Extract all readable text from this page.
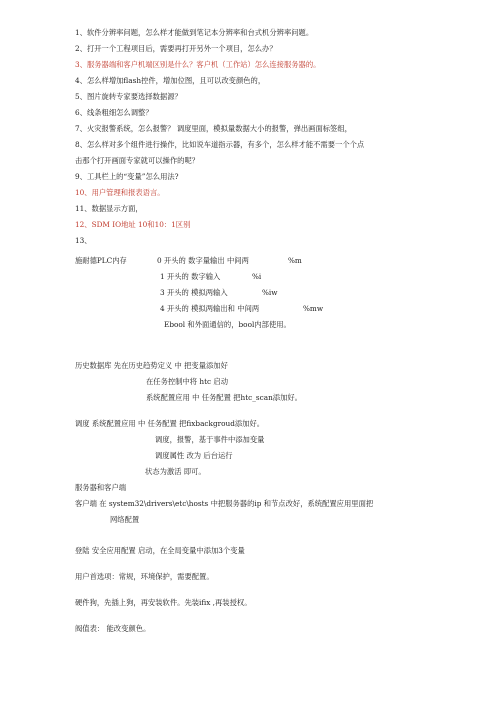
1、软件分辨率问题，怎么样才能做到笔记本分辨率和台式机分辨率问题。
2、打开一个工程项目后，需要再打开另外一个项目，怎么办？
3、服务器端和客户机端区别是什么？客户机（工作站）怎么连接服务器的。
4、怎么样增加flash控件，增加位图，且可以改变颜色的，
5、图片旋转专家要选择数据源？
6、线条粗细怎么调整？
7、火灾报警系统，怎么报警？ 调度里面，模拟量数据大小的报警，弹出画面标签组，
8、怎么样对多个组件进行操作，比如说车道指示器，有多个，怎么样才能不需要一个个点
击那个打开画面专家就可以操作的呢？
9、工具栏上的“变量”怎么用法?
10、用户管理和报表语言。
11、数据显示方面，
12、SDM IO地址 10和10：1区别
13、
施耐德PLC内存	0 开头的 数字量输出 中间两	%m
1 开头的 数字输入	%i
3 开头的 模拟两输入	%iw
4 开头的 模拟两输出和 中间两	%mw
Ebool 和外面通信的，bool内部使用。
历史数据库 先在历史趋势定义 中 把变量添加好
在任务控制中将 htc 启动
系统配置应用 中 任务配置 把htc_scan添加好。
调度 系统配置应用 中 任务配置 把fixbackgroud添加好。
调度，报警，基于事件中添加变量
调度属性 改为 后台运行
状态为激活 即可。
服务器和客户端
客户端 在 system32\drivers\etc\hosts 中把服务器的ip 和节点改好，系统配置应用里面把
网络配置
登陆 安全应用配置 启动，在全局变量中添加3个变量
用户首选项：常规，环境保护，需要配置。
硬件狗，先插上狗，再安装软件。先装ifix ,再装授权。
阀值表： 能改变颜色。
